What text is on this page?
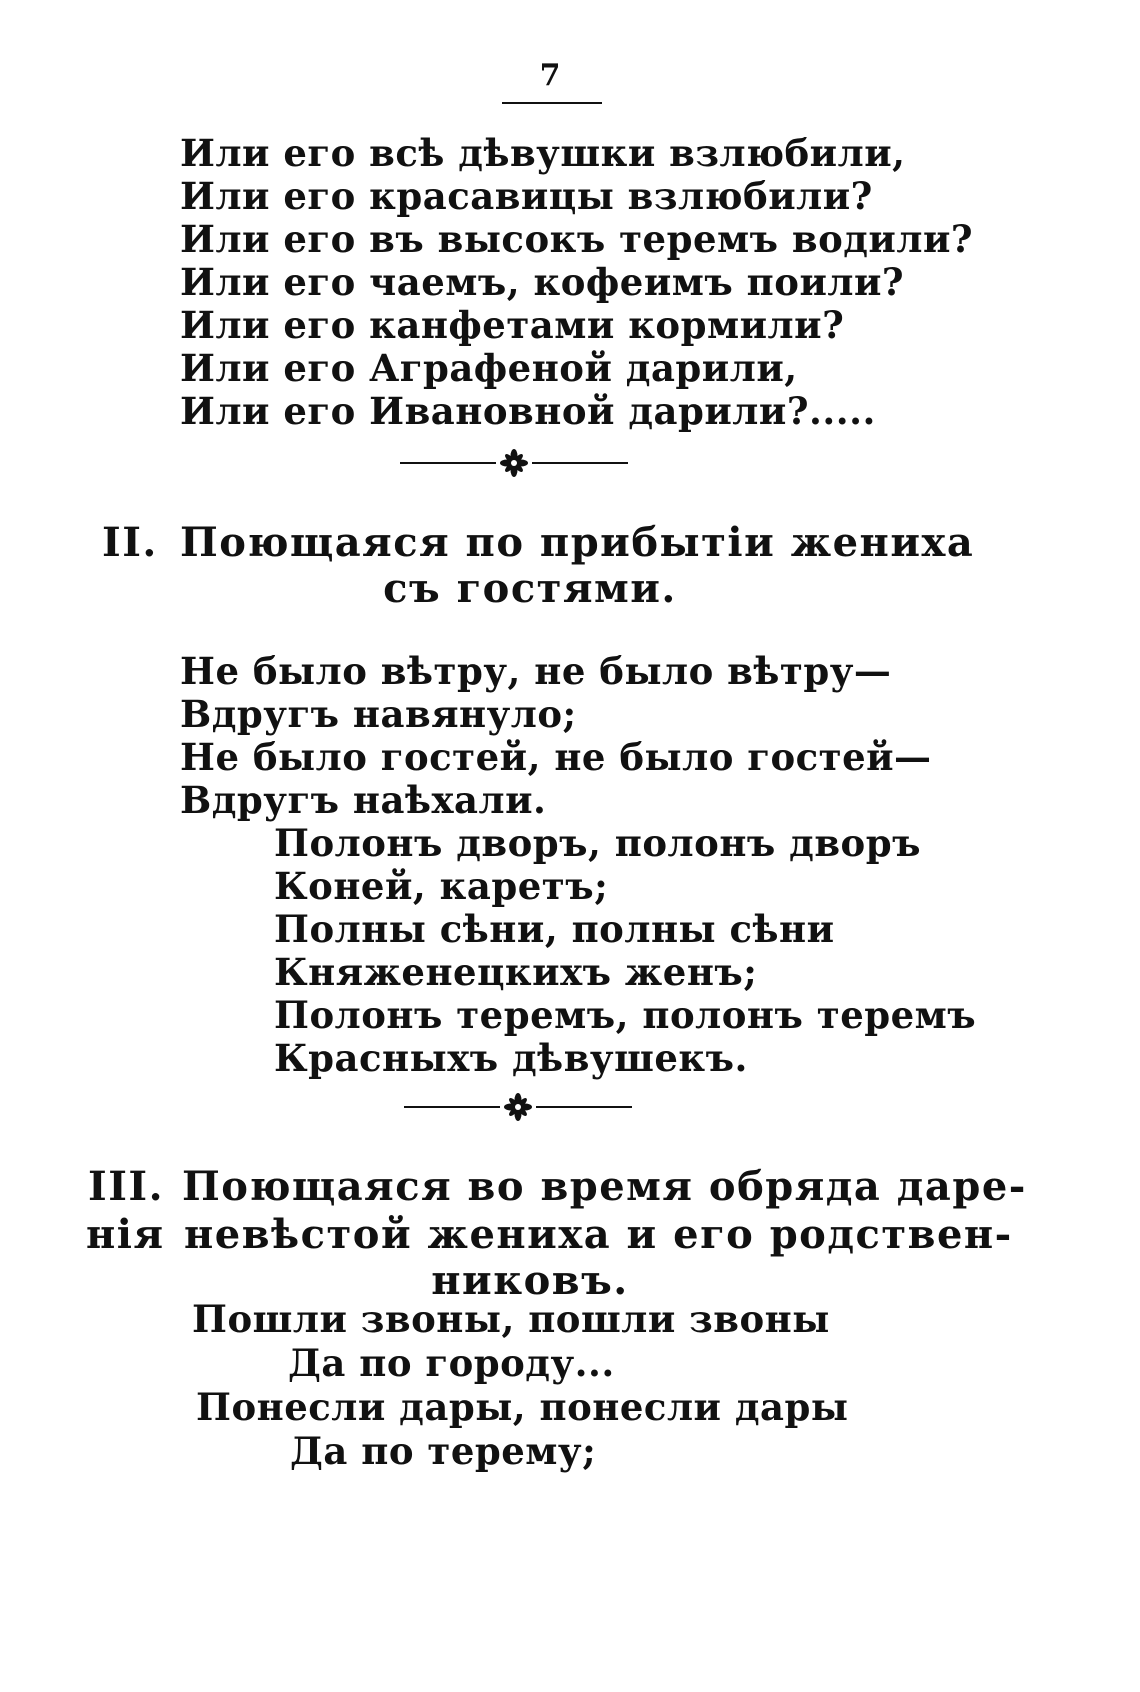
7
Или его всѣ дѣвушки взлюбили,
Или его красавицы взлюбили?
Или его въ высокъ теремъ водили?
Или его чаемъ, кофеимъ поили?
Или его канфетами кормили?
Или его Аграфеной дарили,
Или его Ивановной дарили?.....
II. Поющаяся по прибытіи жениха
съ гостями.
Не было вѣтру, не было вѣтру—
Вдругъ навянуло;
Не было гостей, не было гостей—
Вдругъ наѣхали.
Полонъ дворъ, полонъ дворъ
Коней, каретъ;
Полны сѣни, полны сѣни
Княженецкихъ женъ;
Полонъ теремъ, полонъ теремъ
Красныхъ дѣвушекъ.
III. Поющаяся во время обряда даре-
нія невѣстой жениха и его родствен-
никовъ.
Пошли звоны, пошли звоны
Да по городу...
Понесли дары, понесли дары
Да по терему;
